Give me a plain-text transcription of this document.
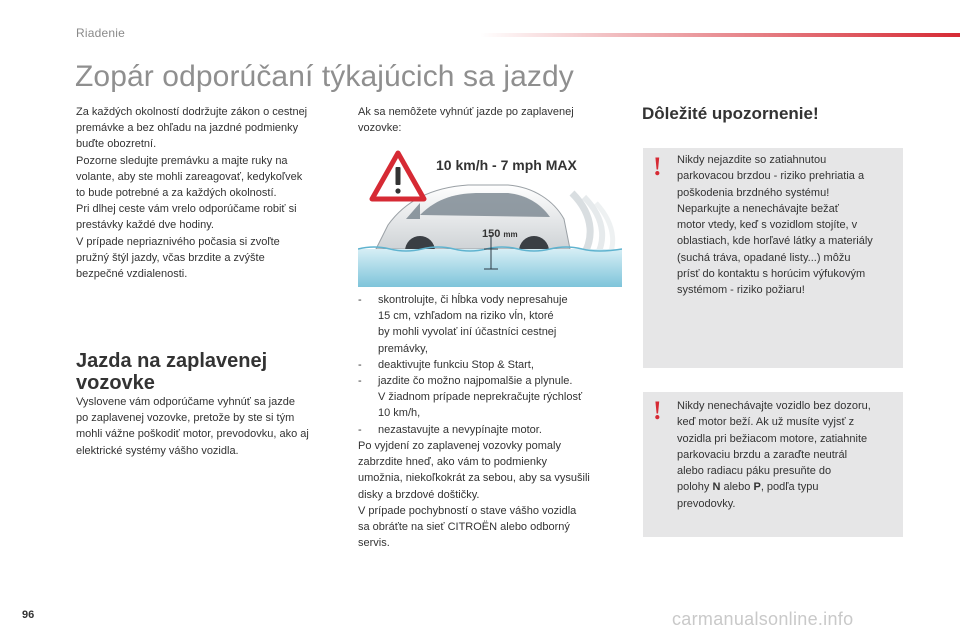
Riadenie
Zopár odporúčaní týkajúcich sa jazdy
Za každých okolností dodržujte zákon o cestnej
premávke a bez ohľadu na jazdné podmienky
buďte obozretní.
Pozorne sledujte premávku a majte ruky na
volante, aby ste mohli zareagovať, kedykoľvek
to bude potrebné a za každých okolností.
Pri dlhej ceste vám vrelo odporúčame robiť si
prestávky každé dve hodiny.
V prípade nepriaznivého počasia si zvoľte
pružný štýl jazdy, včas brzdite a zvýšte
bezpečné vzdialenosti.
Jazda na zaplavenej
vozovke
Vyslovene vám odporúčame vyhnúť sa jazde
po zaplavenej vozovke, pretože by ste si tým
mohli vážne poškodiť motor, prevodovku, ako aj
elektrické systémy vášho vozidla.
Ak sa nemôžete vyhnúť jazde po zaplavenej
vozovke:
10 km/h - 7 mph MAX
150 mm
- skontrolujte, či hĺbka vody nepresahuje
15 cm, vzhľadom na riziko vĺn, ktoré
by mohli vyvolať iní účastníci cestnej
premávky,
- deaktivujte funkciu Stop & Start,
- jazdite čo možno najpomalšie a plynule.
V žiadnom prípade neprekračujte rýchlosť
10 km/h,
- nezastavujte a nevypínajte motor.
Po vyjdení zo zaplavenej vozovky pomaly
zabrzdite hneď, ako vám to podmienky
umožnia, niekoľkokrát za sebou, aby sa vysušili
disky a brzdové doštičky.
V prípade pochybností o stave vášho vozidla
sa obráťte na sieť CITROËN alebo odborný
servis.
Dôležité upozornenie!
! Nikdy nejazdite so zatiahnutou
parkovacou brzdou - riziko prehriatia a
poškodenia brzdného systému!
Neparkujte a nenechávajte bežať
motor vtedy, keď s vozidlom stojíte, v
oblastiach, kde horľavé látky a materiály
(suchá tráva, opadané listy...) môžu
prísť do kontaktu s horúcim výfukovým
systémom - riziko požiaru!
! Nikdy nenechávajte vozidlo bez dozoru,
keď motor beží. Ak už musíte vyjsť z
vozidla pri bežiacom motore, zatiahnite
parkovaciu brzdu a zaraďte neutrál
alebo radiacu páku presuňte do
polohy N alebo P, podľa typu
prevodovky.
96	carmanualsonline.info
